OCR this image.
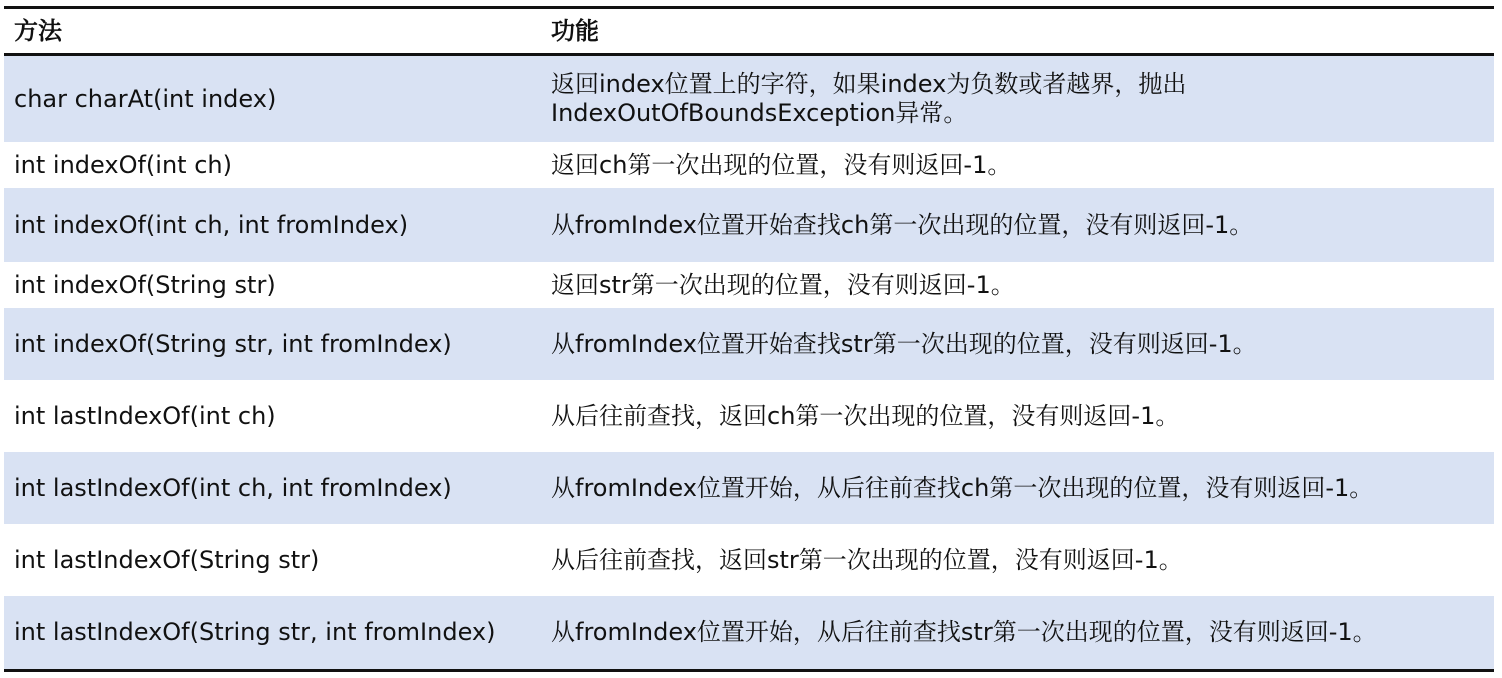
方法	功能
char charAt(int index)	返回index位置上的字符，如果index为负数或者越界，抛出IndexOutOfBoundsException异常。
int indexOf(int ch)	返回ch第一次出现的位置，没有则返回-1。
int indexOf(int ch, int fromIndex)	从fromIndex位置开始查找ch第一次出现的位置，没有则返回-1。
int indexOf(String str)	返回str第一次出现的位置，没有则返回-1。
int indexOf(String str, int fromIndex)	从fromIndex位置开始查找str第一次出现的位置，没有则返回-1。
int lastIndexOf(int ch)	从后往前查找，返回ch第一次出现的位置，没有则返回-1。
int lastIndexOf(int ch, int fromIndex)	从fromIndex位置开始，从后往前查找ch第一次出现的位置，没有则返回-1。
int lastIndexOf(String str)	从后往前查找，返回str第一次出现的位置，没有则返回-1。
int lastIndexOf(String str, int fromIndex)	从fromIndex位置开始，从后往前查找str第一次出现的位置，没有则返回-1。
